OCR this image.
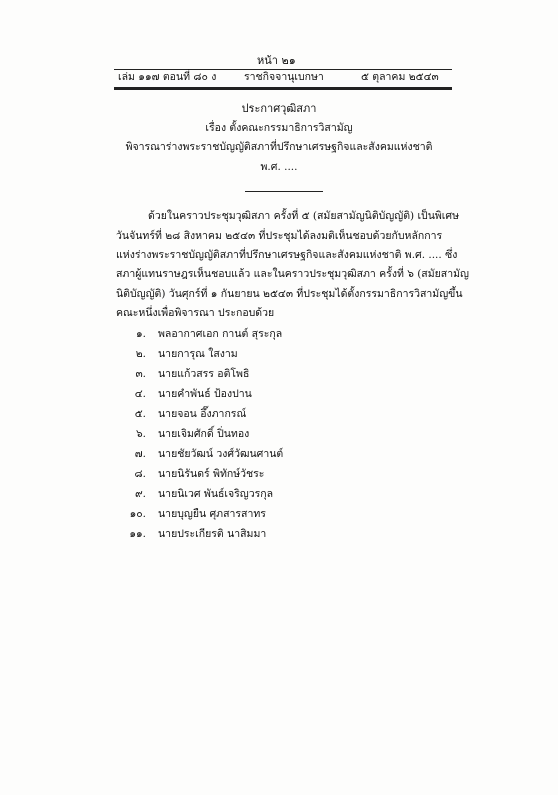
หน้า ๒๑
เล่ม ๑๑๗ ตอนที่ ๘๐ ง	ราชกิจจานุเบกษา	๕ ตุลาคม ๒๕๔๓
ประกาศวุฒิสภา
เรื่อง ตั้งคณะกรรมาธิการวิสามัญ
พิจารณาร่างพระราชบัญญัติสภาที่ปรึกษาเศรษฐกิจและสังคมแห่งชาติ
พ.ศ. ....
ด้วยในคราวประชุมวุฒิสภา ครั้งที่ ๕ (สมัยสามัญนิติบัญญัติ) เป็นพิเศษ
วันจันทร์ที่ ๒๘ สิงหาคม ๒๕๔๓ ที่ประชุมได้ลงมติเห็นชอบด้วยกับหลักการ
แห่งร่างพระราชบัญญัติสภาที่ปรึกษาเศรษฐกิจและสังคมแห่งชาติ พ.ศ. .... ซึ่ง
สภาผู้แทนราษฎรเห็นชอบแล้ว และในคราวประชุมวุฒิสภา ครั้งที่ ๖ (สมัยสามัญ
นิติบัญญัติ) วันศุกร์ที่ ๑ กันยายน ๒๕๔๓ ที่ประชุมได้ตั้งกรรมาธิการวิสามัญขึ้น
คณะหนึ่งเพื่อพิจารณา ประกอบด้วย
๑. พลอากาศเอก กานต์ สุระกุล
๒. นายการุณ ใสงาม
๓. นายแก้วสรร อติโพธิ
๔. นายคำพันธ์ ป้องปาน
๕. นายจอน อึ๊งภากรณ์
๖. นายเจิมศักดิ์ ปิ่นทอง
๗. นายชัยวัฒน์ วงศ์วัฒนศานต์
๘. นายนิรันดร์ พิทักษ์วัชระ
๙. นายนิเวศ พันธ์เจริญวรกุล
๑๐. นายบุญยืน ศุภสารสาทร
๑๑. นายประเกียรติ นาสิมมา
